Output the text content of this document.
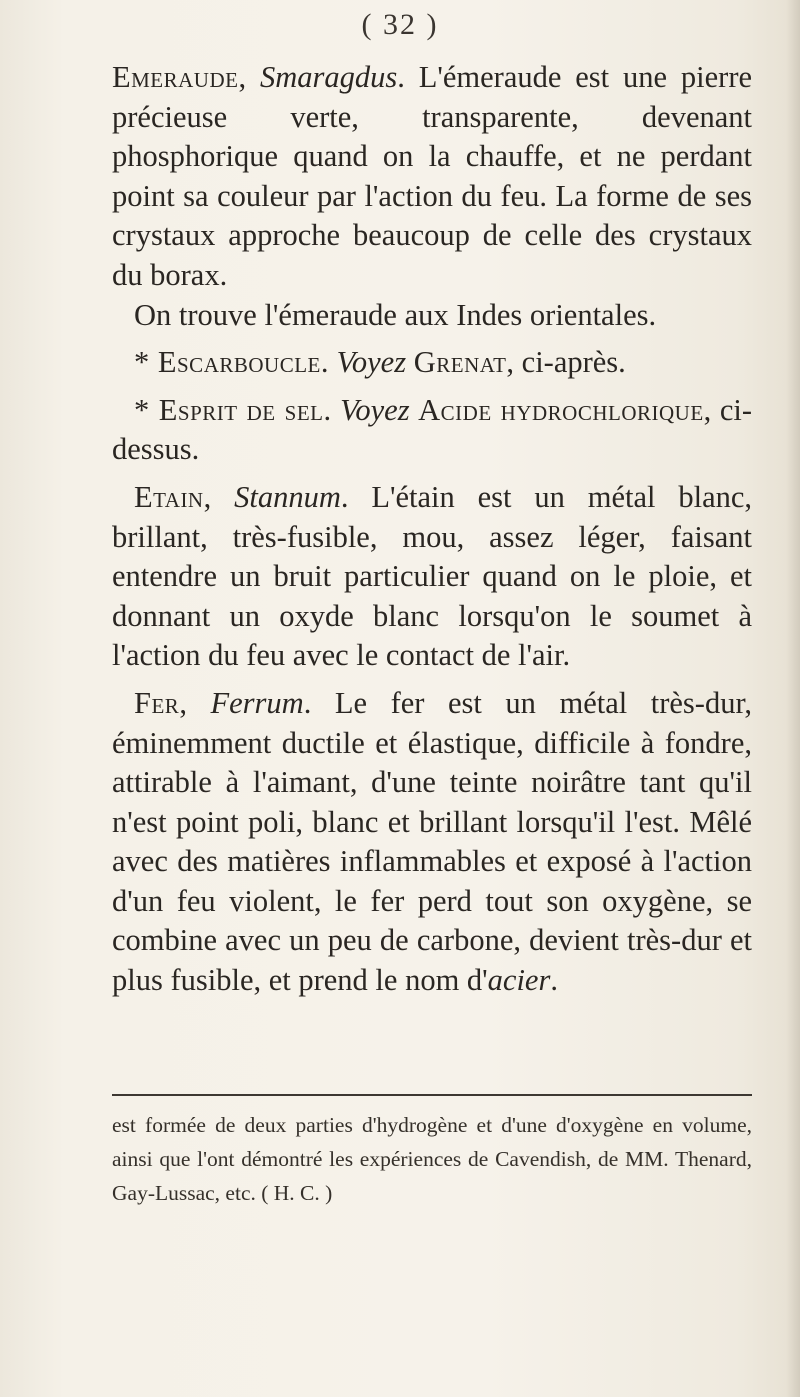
( 32 )

Emeraude, Smaragdus. L'émeraude est une pierre précieuse verte, transparente, devenant phosphorique quand on la chauffe, et ne perdant point sa couleur par l'action du feu. La forme de ses crystaux approche beaucoup de celle des crystaux du borax.

On trouve l'émeraude aux Indes orientales.

* Escarboucle. Voyez Grenat, ci-après.

* Esprit de sel. Voyez Acide hydrochlorique, ci-dessus.

Etain, Stannum. L'étain est un métal blanc, brillant, très-fusible, mou, assez léger, faisant entendre un bruit particulier quand on le ploie, et donnant un oxyde blanc lorsqu'on le soumet à l'action du feu avec le contact de l'air.

Fer, Ferrum. Le fer est un métal très-dur, éminemment ductile et élastique, difficile à fondre, attirable à l'aimant, d'une teinte noirâtre tant qu'il n'est point poli, blanc et brillant lorsqu'il l'est. Mêlé avec des matières inflammables et exposé à l'action d'un feu violent, le fer perd tout son oxygène, se combine avec un peu de carbone, devient très-dur et plus fusible, et prend le nom d'acier.

est formée de deux parties d'hydrogène et d'une d'oxygène en volume, ainsi que l'ont démontré les expériences de Cavendish, de MM. Thenard, Gay-Lussac, etc. ( H. C. )
